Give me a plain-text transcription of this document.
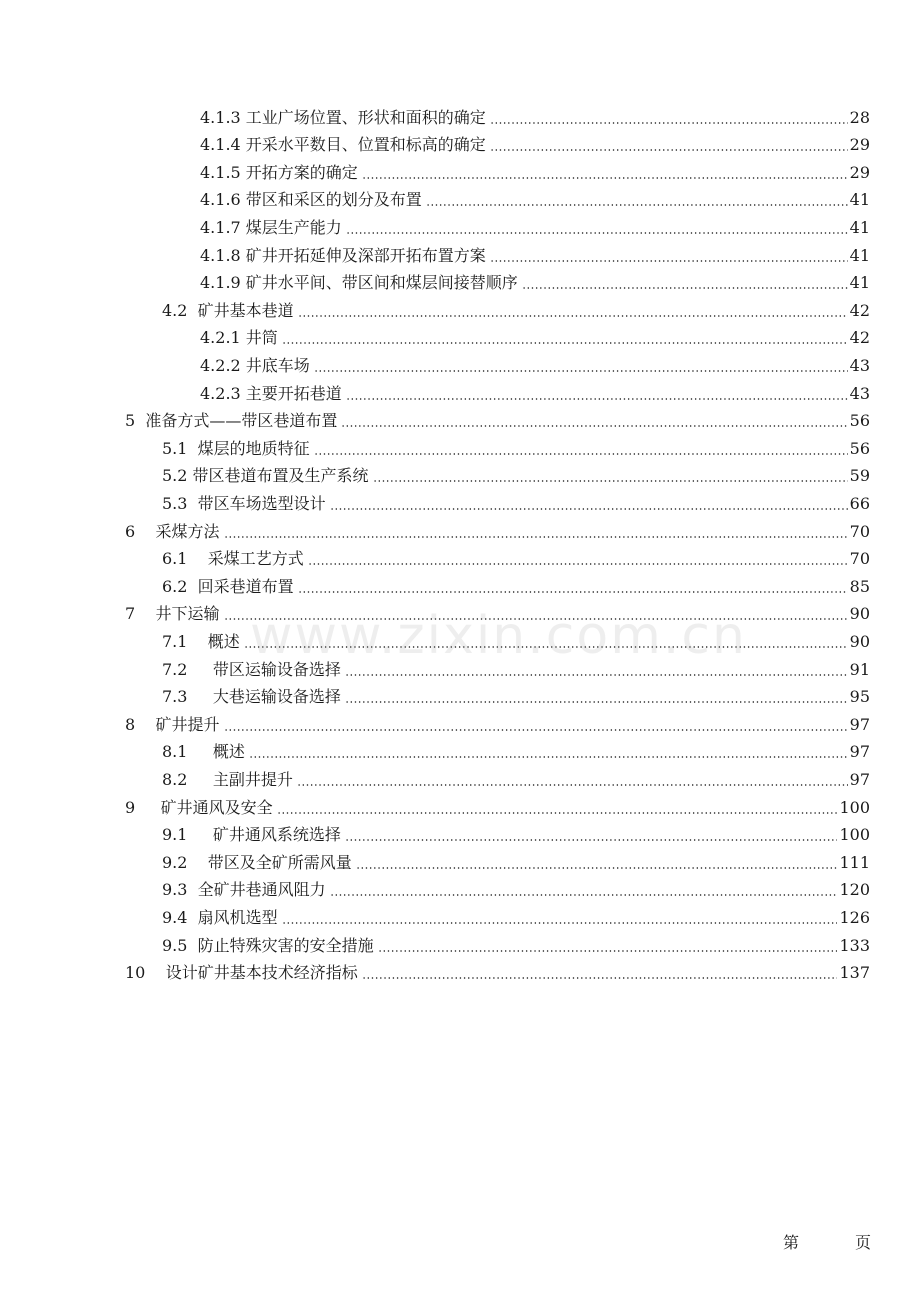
4.1.3 工业广场位置、形状和面积的确定	28
4.1.4 开采水平数目、位置和标高的确定	29
4.1.5 开拓方案的确定	29
4.1.6 带区和采区的划分及布置	41
4.1.7 煤层生产能力	41
4.1.8 矿井开拓延伸及深部开拓布置方案	41
4.1.9 矿井水平间、带区间和煤层间接替顺序	41
4.2  矿井基本巷道	42
4.2.1 井筒	42
4.2.2 井底车场	43
4.2.3 主要开拓巷道	43
5  准备方式——带区巷道布置	56
5.1  煤层的地质特征	56
5.2 带区巷道布置及生产系统	59
5.3  带区车场选型设计	66
6    采煤方法	70
6.1    采煤工艺方式	70
6.2  回采巷道布置	85
7    井下运输	90
7.1    概述	90
7.2     带区运输设备选择	91
7.3     大巷运输设备选择	95
8    矿井提升	97
8.1     概述	97
8.2     主副井提升	97
9     矿井通风及安全	100
9.1     矿井通风系统选择	100
9.2    带区及全矿所需风量	111
9.3  全矿井巷通风阻力	120
9.4  扇风机选型	126
9.5  防止特殊灾害的安全措施	133
10    设计矿井基本技术经济指标	137
www.zixin.com.cn
第	页
